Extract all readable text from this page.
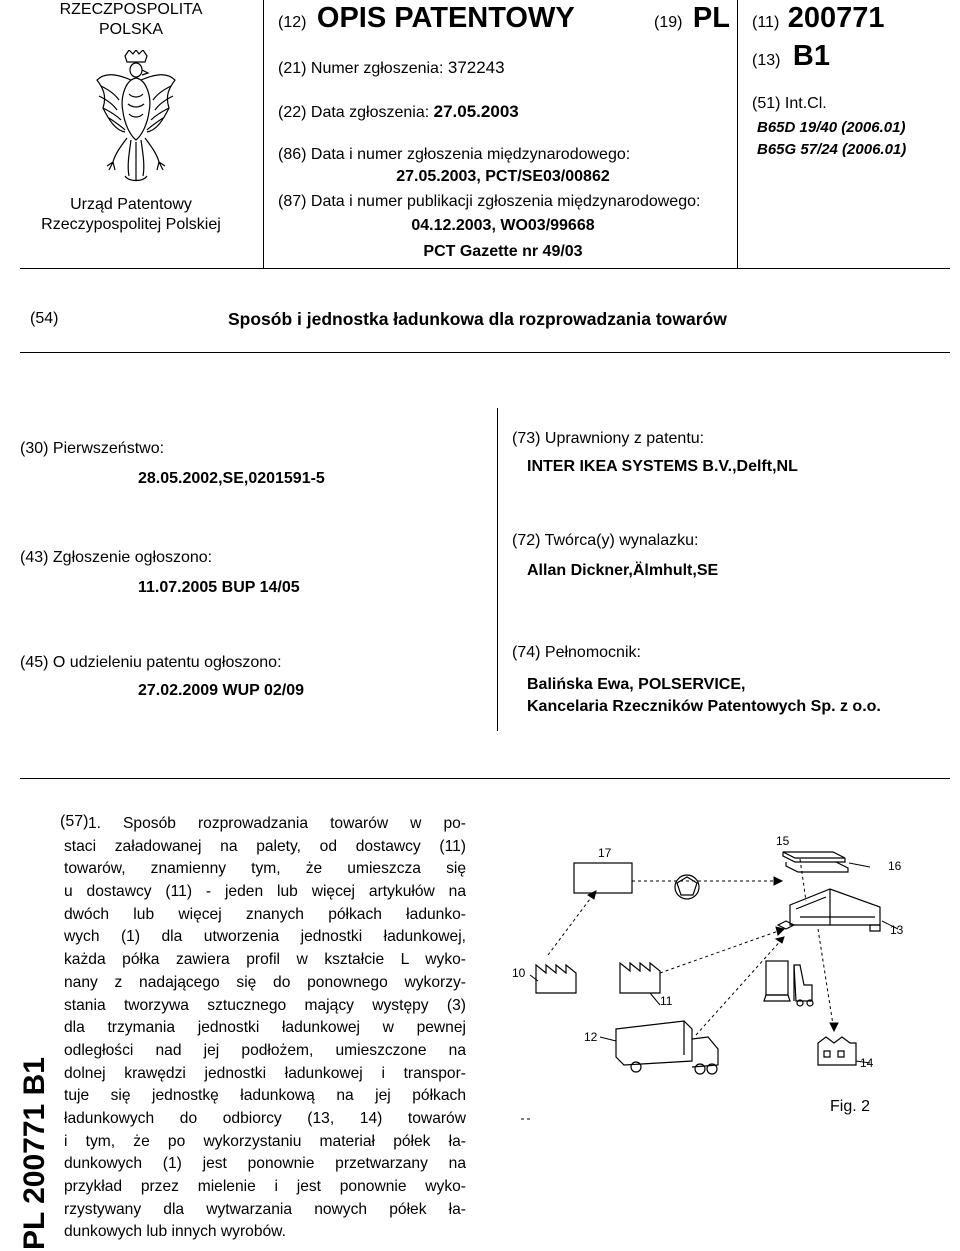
RZECZPOSPOLITA
POLSKA
Urząd Patentowy
Rzeczypospolitej Polskiej
(12) OPIS PATENTOWY	(19) PL
(21) Numer zgłoszenia: 372243
(22) Data zgłoszenia: 27.05.2003
(86) Data i numer zgłoszenia międzynarodowego:
27.05.2003, PCT/SE03/00862
(87) Data i numer publikacji zgłoszenia międzynarodowego:
04.12.2003, WO03/99668
PCT Gazette nr 49/03
(11) 200771
(13) B1
(51) Int.Cl.
B65D 19/40 (2006.01)
B65G 57/24 (2006.01)
(54)	Sposób i jednostka ładunkowa dla rozprowadzania towarów
(30) Pierwszeństwo:
28.05.2002,SE,0201591-5
(43) Zgłoszenie ogłoszono:
11.07.2005 BUP 14/05
(45) O udzieleniu patentu ogłoszono:
27.02.2009 WUP 02/09
(73) Uprawniony z patentu:
INTER IKEA SYSTEMS B.V.,Delft,NL
(72) Twórca(y) wynalazku:
Allan Dickner,Älmhult,SE
(74) Pełnomocnik:
Balińska Ewa, POLSERVICE,
Kancelaria Rzeczników Patentowych Sp. z o.o.
PL 200771 B1
(57) 1. Sposób rozprowadzania towarów w po-
staci załadowanej na palety, od dostawcy (11)
towarów, znamienny tym, że umieszcza się
u dostawcy (11) - jeden lub więcej artykułów na
dwóch lub więcej znanych półkach ładunko-
wych (1) dla utworzenia jednostki ładunkowej,
każda półka zawiera profil w kształcie L wyko-
nany z nadającego się do ponownego wykorzy-
stania tworzywa sztucznego mający występy (3)
dla trzymania jednostki ładunkowej w pewnej
odległości nad jej podłożem, umieszczone na
dolnej krawędzi jednostki ładunkowej i transpor-
tuje się jednostkę ładunkową na jej półkach
ładunkowych do odbiorcy (13, 14) towarów
i tym, że po wykorzystaniu materiał półek ła-
dunkowych (1) jest ponownie przetwarzany na
przykład przez mielenie i jest ponownie wyko-
rzystywany dla wytwarzania nowych półek ła-
dunkowych lub innych wyrobów.
17
15
16
13
10
11
12
14
Fig. 2
